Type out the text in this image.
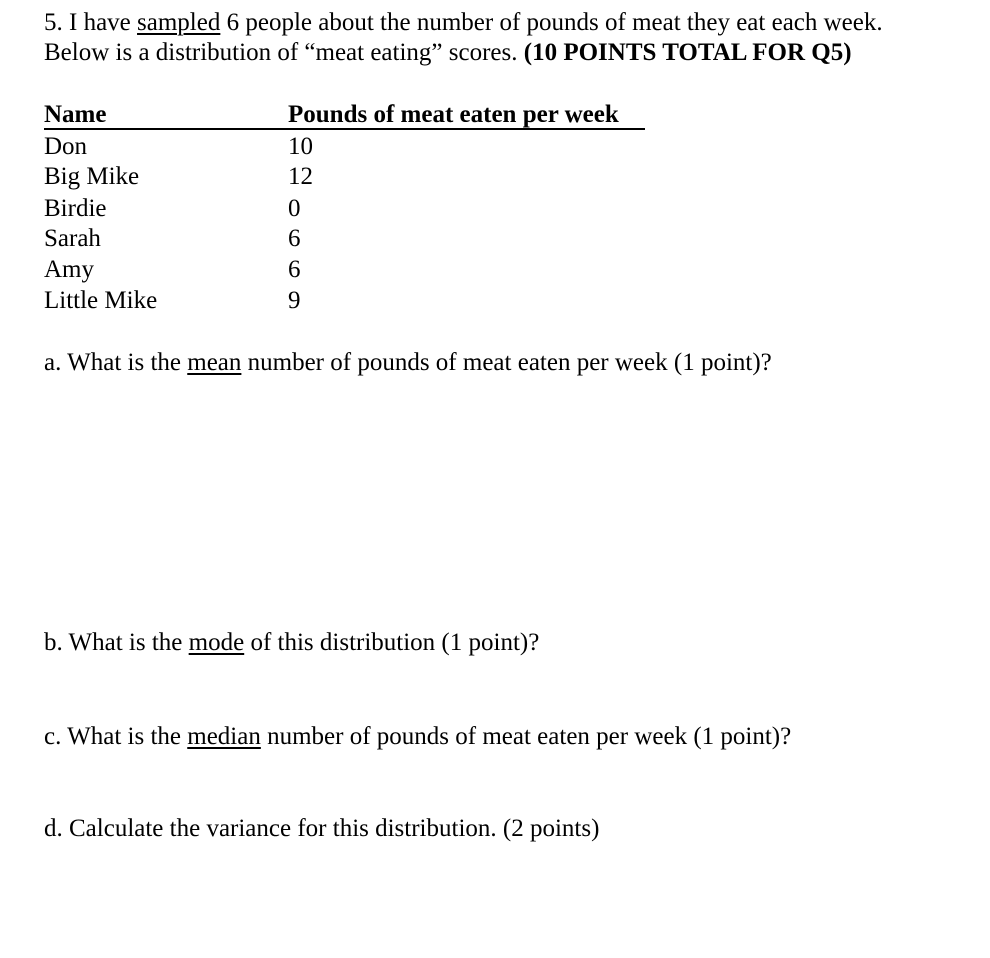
5. I have sampled 6 people about the number of pounds of meat they eat each week.
Below is a distribution of “meat eating” scores. (10 POINTS TOTAL FOR Q5)
Name	Pounds of meat eaten per week
Don	10
Big Mike	12
Birdie	0
Sarah	6
Amy	6
Little Mike	9
a. What is the mean number of pounds of meat eaten per week (1 point)?
b. What is the mode of this distribution (1 point)?
c. What is the median number of pounds of meat eaten per week (1 point)?
d. Calculate the variance for this distribution. (2 points)
